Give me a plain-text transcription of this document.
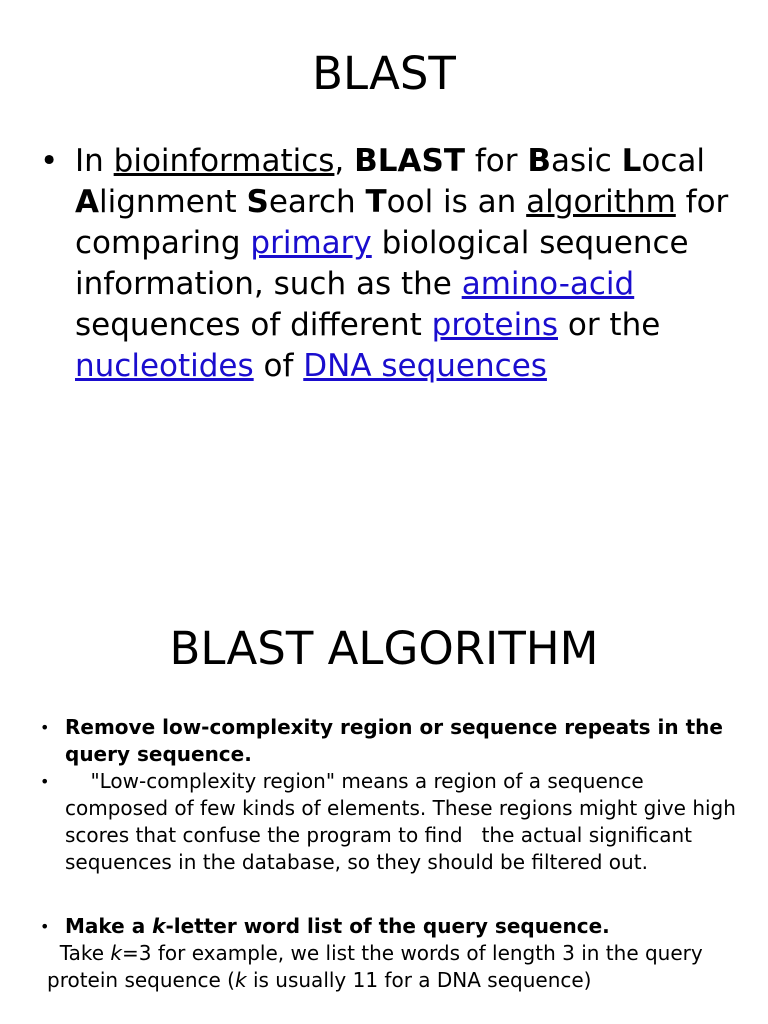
BLAST
• In bioinformatics, BLAST for Basic Local Alignment Search Tool is an algorithm for comparing primary biological sequence information, such as the amino-acid sequences of different proteins or the nucleotides of DNA sequences
BLAST ALGORITHM
• Remove low-complexity region or sequence repeats in the query sequence.
• "Low-complexity region" means a region of a sequence composed of few kinds of elements. These regions might give high scores that confuse the program to find   the actual significant sequences in the database, so they should be filtered out.
• Make a k-letter word list of the query sequence.
Take k=3 for example, we list the words of length 3 in the query protein sequence (k is usually 11 for a DNA sequence)
